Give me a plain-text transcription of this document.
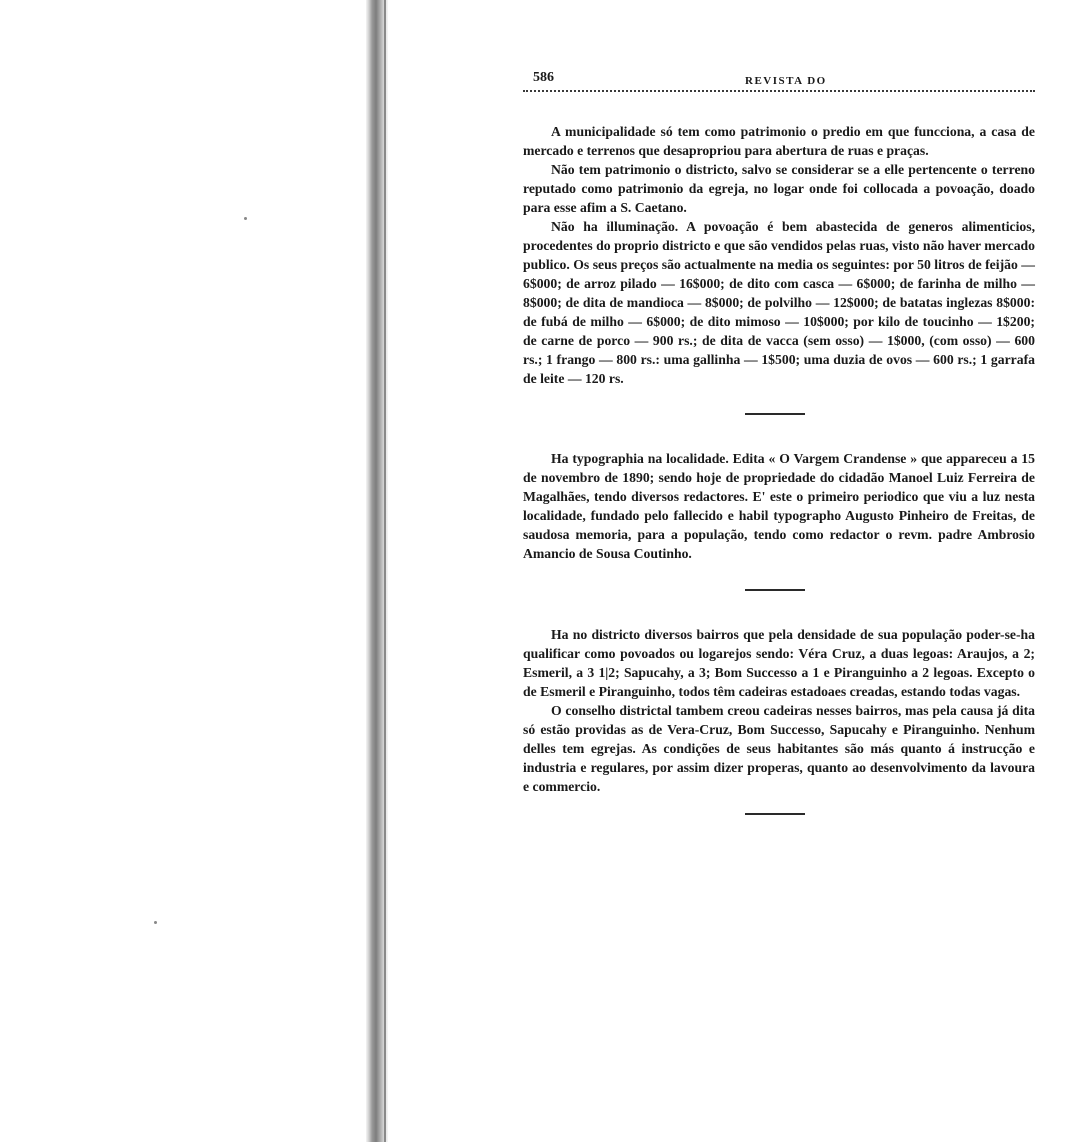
586	REVISTA DO

A municipalidade só tem como patrimonio o predio em que funcciona, a casa de mercado e terrenos que desapropriou para abertura de ruas e praças.

Não tem patrimonio o districto, salvo se considerar se a elle pertencente o terreno reputado como patrimonio da egreja, no logar onde foi collocada a povoação, doado para esse afim a S. Caetano.

Não ha illuminação. A povoação é bem abastecida de generos alimenticios, procedentes do proprio districto e que são vendidos pelas ruas, visto não haver mercado publico. Os seus preços são actualmente na media os seguintes: por 50 litros de feijão — 6$000; de arroz pilado — 16$000; de dito com casca — 6$000; de farinha de milho — 8$000; de dita de mandioca — 8$000; de polvilho — 12$000; de batatas inglezas 8$000: de fubá de milho — 6$000; de dito mimoso — 10$000; por kilo de toucinho — 1$200; de carne de porco — 900 rs.; de dita de vacca (sem osso) — 1$000, (com osso) — 600 rs.; 1 frango — 800 rs.: uma gallinha — 1$500; uma duzia de ovos — 600 rs.; 1 garrafa de leite — 120 rs.

Ha typographia na localidade. Edita « O Vargem Crandense » que appareceu a 15 de novembro de 1890; sendo hoje de propriedade do cidadão Manoel Luiz Ferreira de Magalhães, tendo diversos redactores. E' este o primeiro periodico que viu a luz nesta localidade, fundado pelo fallecido e habil typographo Augusto Pinheiro de Freitas, de saudosa memoria, para a população, tendo como redactor o revm. padre Ambrosio Amancio de Sousa Coutinho.

Ha no districto diversos bairros que pela densidade de sua população poder-se-ha qualificar como povoados ou logarejos sendo: Véra Cruz, a duas legoas: Araujos, a 2; Esmeril, a 3 1|2; Sapucahy, a 3; Bom Successo a 1 e Piranguinho a 2 legoas. Excepto o de Esmeril e Piranguinho, todos têm cadeiras estadoaes creadas, estando todas vagas.

O conselho districtal tambem creou cadeiras nesses bairros, mas pela causa já dita só estão providas as de Vera-Cruz, Bom Successo, Sapucahy e Piranguinho. Nenhum delles tem egrejas. As condições de seus habitantes são más quanto á instrucção e industria e regulares, por assim dizer properas, quanto ao desenvolvimento da lavoura e commercio.
